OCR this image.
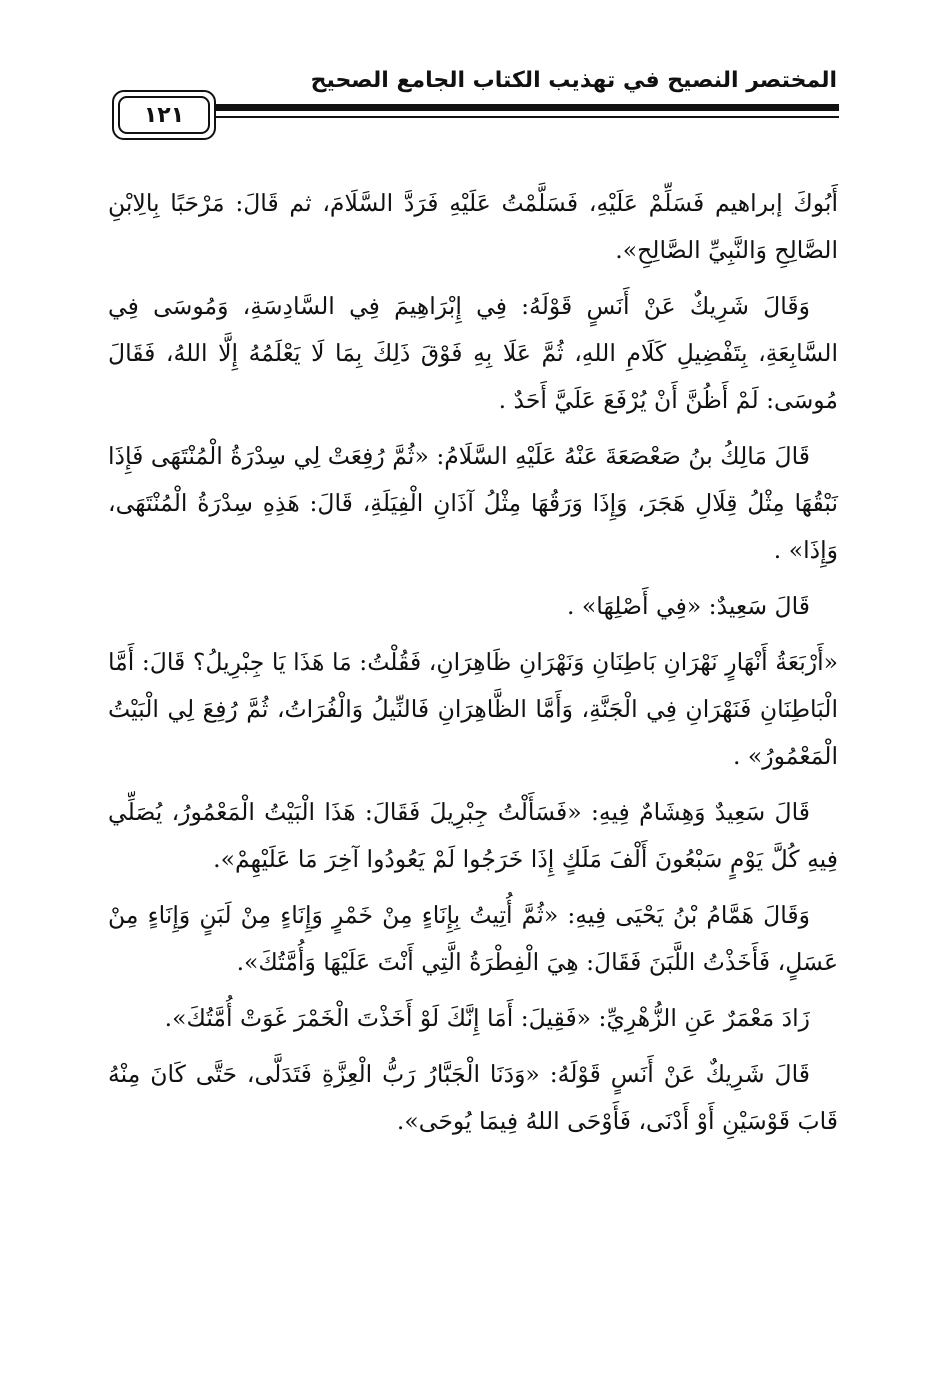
المختصر النصيح في تهذيب الكتاب الجامع الصحيح
١٢١

أَبُوكَ إبراهيم فَسَلِّمْ عَلَيْهِ، فَسَلَّمْتُ عَلَيْهِ فَرَدَّ السَّلَامَ، ثم قَالَ: مَرْحَبًا بِالِابْنِ الصَّالِحِ وَالنَّبِيِّ الصَّالِحِ».

وَقَالَ شَرِيكٌ عَنْ أَنَسٍ قَوْلَهُ: فِي إِبْرَاهِيمَ فِي السَّادِسَةِ، وَمُوسَى فِي السَّابِعَةِ، بِتَفْضِيلِ كَلَامِ اللهِ، ثُمَّ عَلَا بِهِ فَوْقَ ذَلِكَ بِمَا لَا يَعْلَمُهُ إِلَّا اللهُ، فَقَالَ مُوسَى: لَمْ أَظُنَّ أَنْ يُرْفَعَ عَلَيَّ أَحَدٌ .

قَالَ مَالِكُ بنُ صَعْصَعَةَ عَنْهُ عَلَيْهِ السَّلَامُ: «ثُمَّ رُفِعَتْ لِي سِدْرَةُ الْمُنْتَهَى فَإِذَا نَبْقُهَا مِثْلُ قِلَالِ هَجَرَ، وَإِذَا وَرَقُهَا مِثْلُ آذَانِ الْفِيَلَةِ، قَالَ: هَذِهِ سِدْرَةُ الْمُنْتَهَى، وَإِذَا» .

قَالَ سَعِيدٌ: «فِي أَصْلِهَا» .

«أَرْبَعَةُ أَنْهَارٍ نَهْرَانِ بَاطِنَانِ وَنَهْرَانِ ظَاهِرَانِ، فَقُلْتُ: مَا هَذَا يَا جِبْرِيلُ؟ قَالَ: أَمَّا الْبَاطِنَانِ فَنَهْرَانِ فِي الْجَنَّةِ، وَأَمَّا الظَّاهِرَانِ فَالنِّيلُ وَالْفُرَاتُ، ثُمَّ رُفِعَ لِي الْبَيْتُ الْمَعْمُورُ» .

قَالَ سَعِيدٌ وَهِشَامٌ فِيهِ: «فَسَأَلْتُ جِبْرِيلَ فَقَالَ: هَذَا الْبَيْتُ الْمَعْمُورُ، يُصَلِّي فِيهِ كُلَّ يَوْمٍ سَبْعُونَ أَلْفَ مَلَكٍ إِذَا خَرَجُوا لَمْ يَعُودُوا آخِرَ مَا عَلَيْهِمْ».

وَقَالَ هَمَّامُ بْنُ يَحْيَى فِيهِ: «ثُمَّ أُتِيتُ بِإِنَاءٍ مِنْ خَمْرٍ وَإِنَاءٍ مِنْ لَبَنٍ وَإِنَاءٍ مِنْ عَسَلٍ، فَأَخَذْتُ اللَّبَنَ فَقَالَ: هِيَ الْفِطْرَةُ الَّتِي أَنْتَ عَلَيْهَا وَأُمَّتُكَ».

زَادَ مَعْمَرٌ عَنِ الزُّهْرِيِّ: «فَقِيلَ: أَمَا إِنَّكَ لَوْ أَخَذْتَ الْخَمْرَ غَوَتْ أُمَّتُكَ».

قَالَ شَرِيكٌ عَنْ أَنَسٍ قَوْلَهُ: «وَدَنَا الْجَبَّارُ رَبُّ الْعِزَّةِ فَتَدَلَّى، حَتَّى كَانَ مِنْهُ قَابَ قَوْسَيْنِ أَوْ أَدْنَى، فَأَوْحَى اللهُ فِيمَا يُوحَى».
